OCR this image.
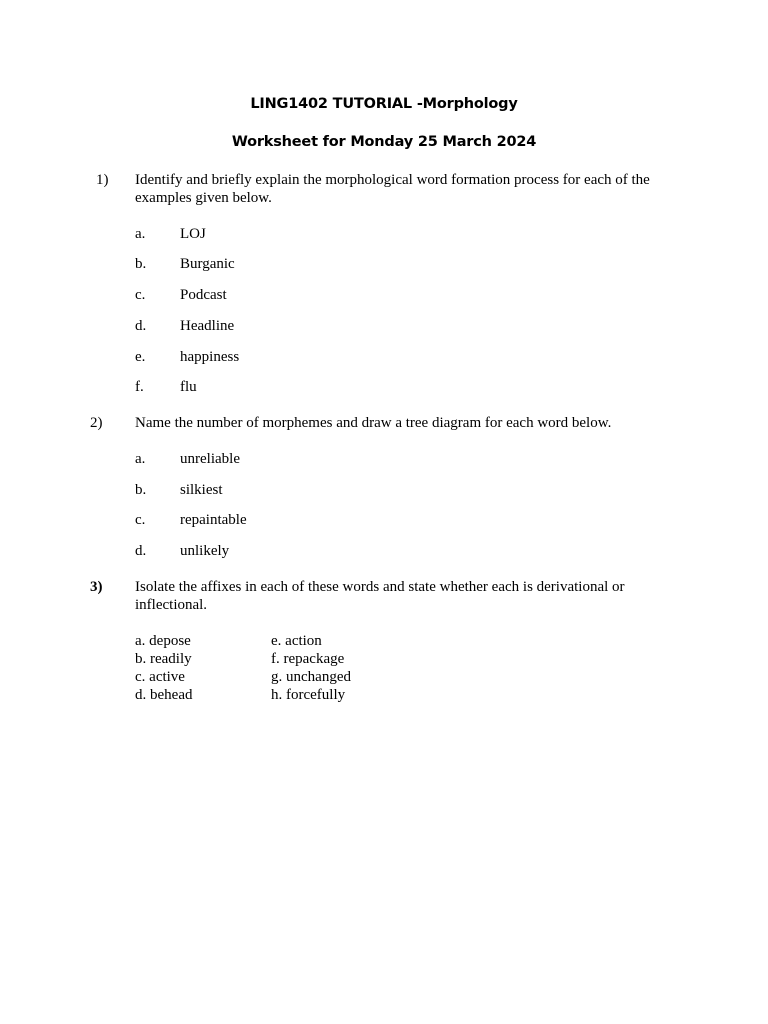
LING1402 TUTORIAL -Morphology
Worksheet for Monday 25 March 2024
1) Identify and briefly explain the morphological word formation process for each of the examples given below.
a. LOJ
b. Burganic
c. Podcast
d. Headline
e. happiness
f. flu
2) Name the number of morphemes and draw a tree diagram for each word below.
a. unreliable
b. silkiest
c. repaintable
d. unlikely
3) Isolate the affixes in each of these words and state whether each is derivational or inflectional.
a. depose
b. readily
c. active
d. behead
e. action
f. repackage
g. unchanged
h. forcefully
